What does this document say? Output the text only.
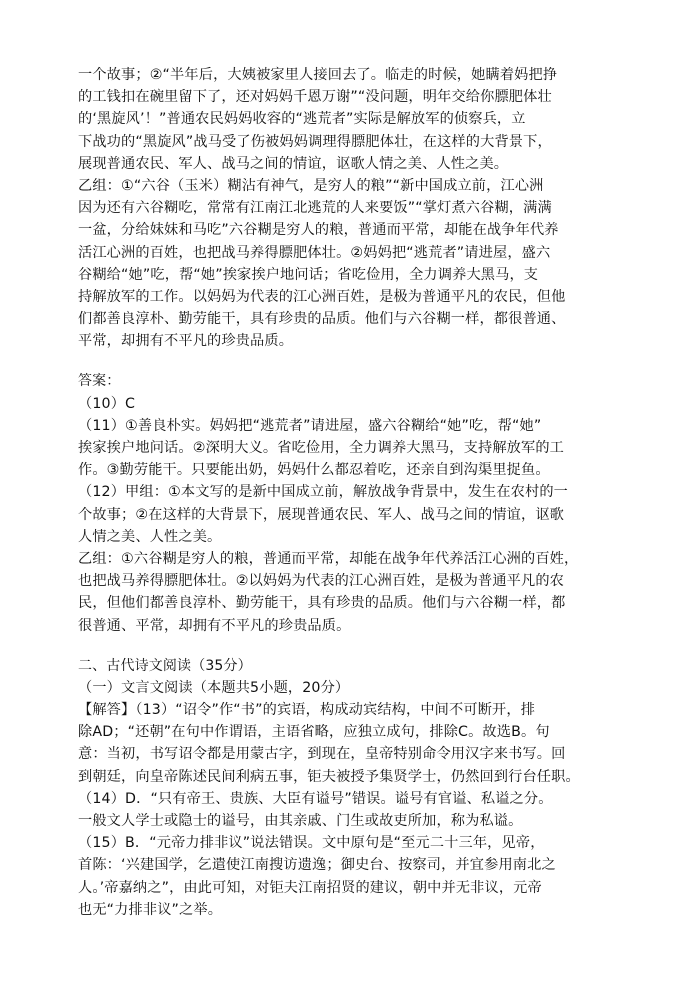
一个故事；②“半年后，大姨被家里人接回去了。临走的时候，她瞒着妈把挣
的工钱扣在碗里留下了，还对妈妈千恩万谢”“没问题，明年交给你膘肥体壮
的‘黑旋风’！”普通农民妈妈收容的“逃荒者”实际是解放军的侦察兵，立
下战功的“黑旋风”战马受了伤被妈妈调理得膘肥体壮，在这样的大背景下，
展现普通农民、军人、战马之间的情谊，讴歌人情之美、人性之美。
乙组：①“六谷（玉米）糊沾有神气，是穷人的粮”“新中国成立前，江心洲
因为还有六谷糊吃，常常有江南江北逃荒的人来要饭”“掌灯煮六谷糊，满满
一盆，分给妹妹和马吃”六谷糊是穷人的粮，普通而平常，却能在战争年代养
活江心洲的百姓，也把战马养得膘肥体壮。②妈妈把“逃荒者”请进屋，盛六
谷糊给“她”吃，帮“她”挨家挨户地问话；省吃俭用，全力调养大黑马，支
持解放军的工作。以妈妈为代表的江心洲百姓，是极为普通平凡的农民，但他
们都善良淳朴、勤劳能干，具有珍贵的品质。他们与六谷糊一样，都很普通、
平常，却拥有不平凡的珍贵品质。
答案：
（10）C
（11）①善良朴实。妈妈把“逃荒者”请进屋，盛六谷糊给“她”吃，帮“她”
挨家挨户地问话。②深明大义。省吃俭用，全力调养大黑马，支持解放军的工
作。③勤劳能干。只要能出奶，妈妈什么都忍着吃，还亲自到沟渠里捉鱼。
（12）甲组：①本文写的是新中国成立前，解放战争背景中，发生在农村的一
个故事；②在这样的大背景下，展现普通农民、军人、战马之间的情谊，讴歌
人情之美、人性之美。
乙组：①六谷糊是穷人的粮，普通而平常，却能在战争年代养活江心洲的百姓，
也把战马养得膘肥体壮。②以妈妈为代表的江心洲百姓，是极为普通平凡的农
民，但他们都善良淳朴、勤劳能干，具有珍贵的品质。他们与六谷糊一样，都
很普通、平常，却拥有不平凡的珍贵品质。
二、古代诗文阅读（35分）
（一）文言文阅读（本题共5小题，20分）
【解答】（13）“诏令”作“书”的宾语，构成动宾结构，中间不可断开，排
除AD；“还朝”在句中作谓语，主语省略，应独立成句，排除C。故选B。句
意：当初，书写诏令都是用蒙古字，到现在，皇帝特别命令用汉字来书写。回
到朝廷，向皇帝陈述民间利病五事，钜夫被授予集贤学士，仍然回到行台任职。
（14）D．“只有帝王、贵族、大臣有谥号”错误。谥号有官谥、私谥之分。
一般文人学士或隐士的谥号，由其亲戚、门生或故吏所加，称为私谥。
（15）B．“元帝力排非议”说法错误。文中原句是“至元二十三年，见帝，
首陈：‘兴建国学，乞遣使江南搜访遗逸；御史台、按察司，并宜参用南北之
人。’帝嘉纳之”，由此可知，对钜夫江南招贤的建议，朝中并无非议，元帝
也无“力排非议”之举。
